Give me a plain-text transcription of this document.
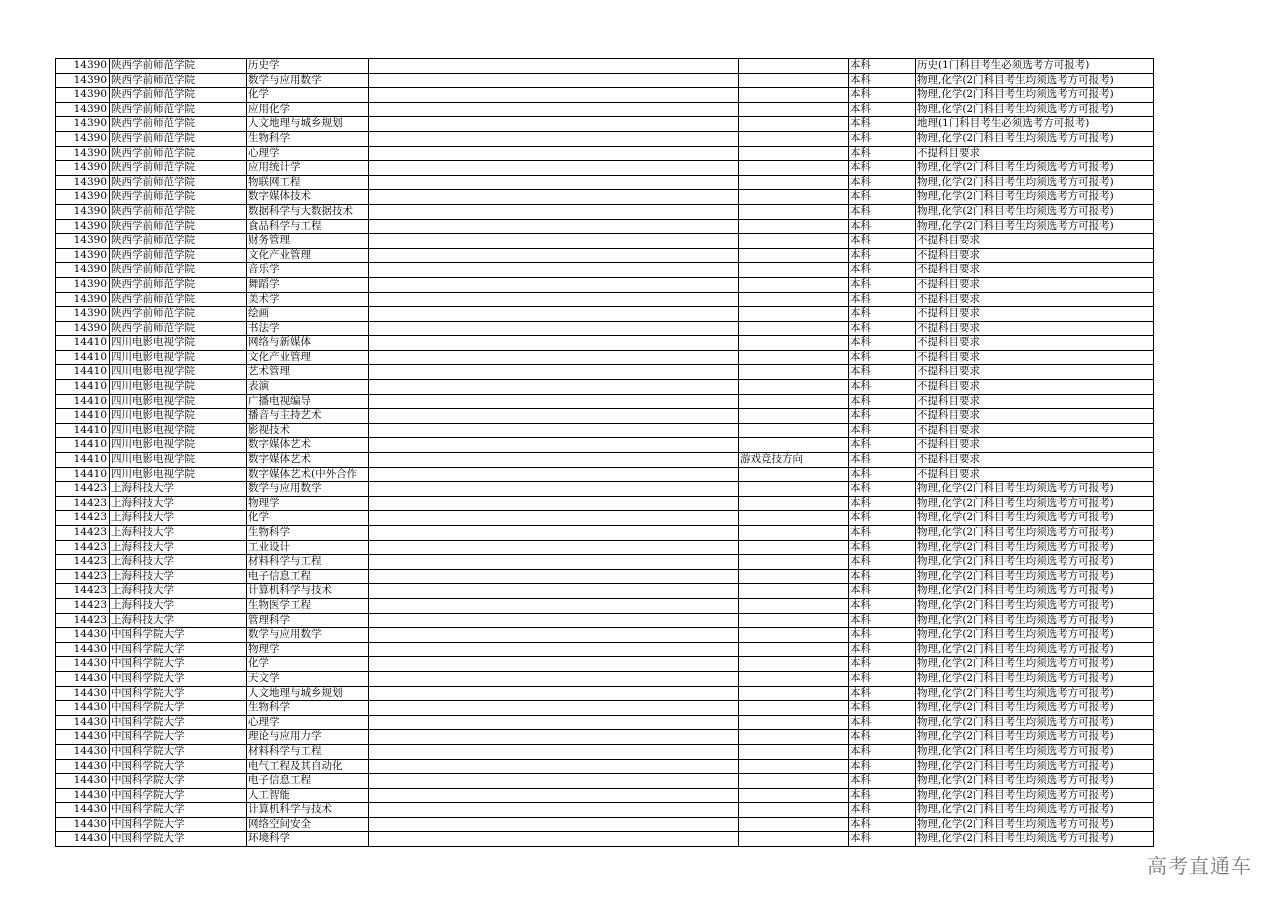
14390	陕西学前师范学院	历史学			本科	历史(1门科目考生必须选考方可报考)
14390	陕西学前师范学院	数学与应用数学			本科	物理,化学(2门科目考生均须选考方可报考)
14390	陕西学前师范学院	化学			本科	物理,化学(2门科目考生均须选考方可报考)
14390	陕西学前师范学院	应用化学			本科	物理,化学(2门科目考生均须选考方可报考)
14390	陕西学前师范学院	人文地理与城乡规划			本科	地理(1门科目考生必须选考方可报考)
14390	陕西学前师范学院	生物科学			本科	物理,化学(2门科目考生均须选考方可报考)
14390	陕西学前师范学院	心理学			本科	不提科目要求
14390	陕西学前师范学院	应用统计学			本科	物理,化学(2门科目考生均须选考方可报考)
14390	陕西学前师范学院	物联网工程			本科	物理,化学(2门科目考生均须选考方可报考)
14390	陕西学前师范学院	数字媒体技术			本科	物理,化学(2门科目考生均须选考方可报考)
14390	陕西学前师范学院	数据科学与大数据技术			本科	物理,化学(2门科目考生均须选考方可报考)
14390	陕西学前师范学院	食品科学与工程			本科	物理,化学(2门科目考生均须选考方可报考)
14390	陕西学前师范学院	财务管理			本科	不提科目要求
14390	陕西学前师范学院	文化产业管理			本科	不提科目要求
14390	陕西学前师范学院	音乐学			本科	不提科目要求
14390	陕西学前师范学院	舞蹈学			本科	不提科目要求
14390	陕西学前师范学院	美术学			本科	不提科目要求
14390	陕西学前师范学院	绘画			本科	不提科目要求
14390	陕西学前师范学院	书法学			本科	不提科目要求
14410	四川电影电视学院	网络与新媒体			本科	不提科目要求
14410	四川电影电视学院	文化产业管理			本科	不提科目要求
14410	四川电影电视学院	艺术管理			本科	不提科目要求
14410	四川电影电视学院	表演			本科	不提科目要求
14410	四川电影电视学院	广播电视编导			本科	不提科目要求
14410	四川电影电视学院	播音与主持艺术			本科	不提科目要求
14410	四川电影电视学院	影视技术			本科	不提科目要求
14410	四川电影电视学院	数字媒体艺术			本科	不提科目要求
14410	四川电影电视学院	数字媒体艺术		游戏竞技方向	本科	不提科目要求
14410	四川电影电视学院	数字媒体艺术(中外合作			本科	不提科目要求
14423	上海科技大学	数学与应用数学			本科	物理,化学(2门科目考生均须选考方可报考)
14423	上海科技大学	物理学			本科	物理,化学(2门科目考生均须选考方可报考)
14423	上海科技大学	化学			本科	物理,化学(2门科目考生均须选考方可报考)
14423	上海科技大学	生物科学			本科	物理,化学(2门科目考生均须选考方可报考)
14423	上海科技大学	工业设计			本科	物理,化学(2门科目考生均须选考方可报考)
14423	上海科技大学	材料科学与工程			本科	物理,化学(2门科目考生均须选考方可报考)
14423	上海科技大学	电子信息工程			本科	物理,化学(2门科目考生均须选考方可报考)
14423	上海科技大学	计算机科学与技术			本科	物理,化学(2门科目考生均须选考方可报考)
14423	上海科技大学	生物医学工程			本科	物理,化学(2门科目考生均须选考方可报考)
14423	上海科技大学	管理科学			本科	物理,化学(2门科目考生均须选考方可报考)
14430	中国科学院大学	数学与应用数学			本科	物理,化学(2门科目考生均须选考方可报考)
14430	中国科学院大学	物理学			本科	物理,化学(2门科目考生均须选考方可报考)
14430	中国科学院大学	化学			本科	物理,化学(2门科目考生均须选考方可报考)
14430	中国科学院大学	天文学			本科	物理,化学(2门科目考生均须选考方可报考)
14430	中国科学院大学	人文地理与城乡规划			本科	物理,化学(2门科目考生均须选考方可报考)
14430	中国科学院大学	生物科学			本科	物理,化学(2门科目考生均须选考方可报考)
14430	中国科学院大学	心理学			本科	物理,化学(2门科目考生均须选考方可报考)
14430	中国科学院大学	理论与应用力学			本科	物理,化学(2门科目考生均须选考方可报考)
14430	中国科学院大学	材料科学与工程			本科	物理,化学(2门科目考生均须选考方可报考)
14430	中国科学院大学	电气工程及其自动化			本科	物理,化学(2门科目考生均须选考方可报考)
14430	中国科学院大学	电子信息工程			本科	物理,化学(2门科目考生均须选考方可报考)
14430	中国科学院大学	人工智能			本科	物理,化学(2门科目考生均须选考方可报考)
14430	中国科学院大学	计算机科学与技术			本科	物理,化学(2门科目考生均须选考方可报考)
14430	中国科学院大学	网络空间安全			本科	物理,化学(2门科目考生均须选考方可报考)
14430	中国科学院大学	环境科学			本科	物理,化学(2门科目考生均须选考方可报考)
高考直通车
